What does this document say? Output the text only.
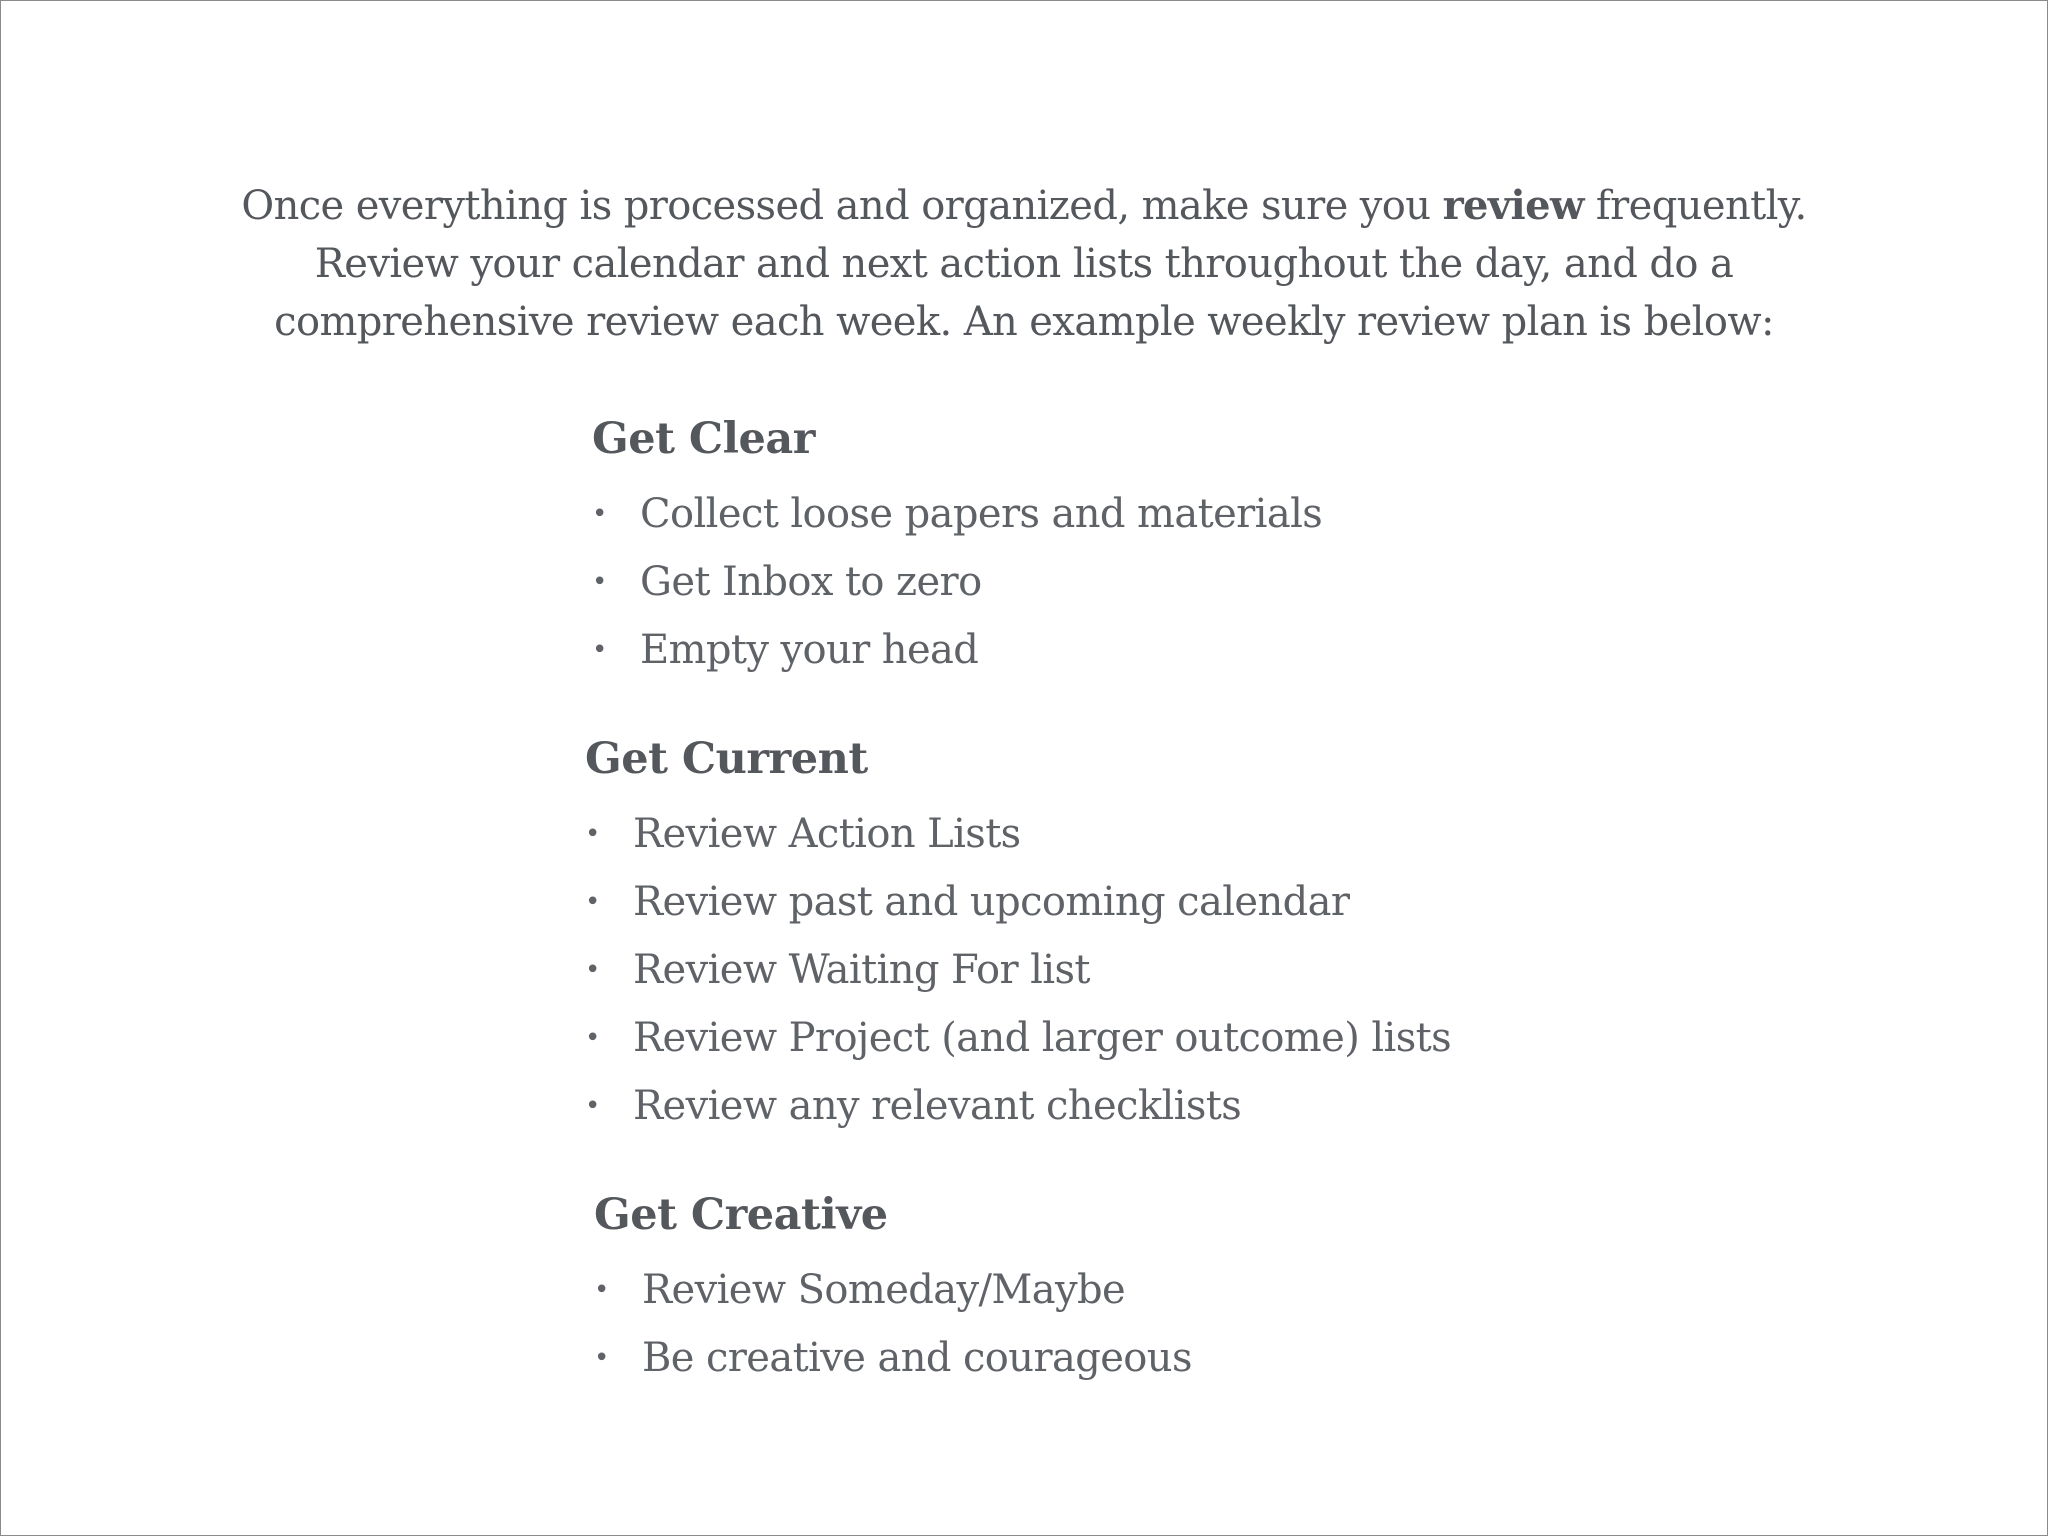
Once everything is processed and organized, make sure you review frequently.
Review your calendar and next action lists throughout the day, and do a
comprehensive review each week. An example weekly review plan is below:
Get Clear
• Collect loose papers and materials
• Get Inbox to zero
• Empty your head
Get Current
• Review Action Lists
• Review past and upcoming calendar
• Review Waiting For list
• Review Project (and larger outcome) lists
• Review any relevant checklists
Get Creative
• Review Someday/Maybe
• Be creative and courageous
